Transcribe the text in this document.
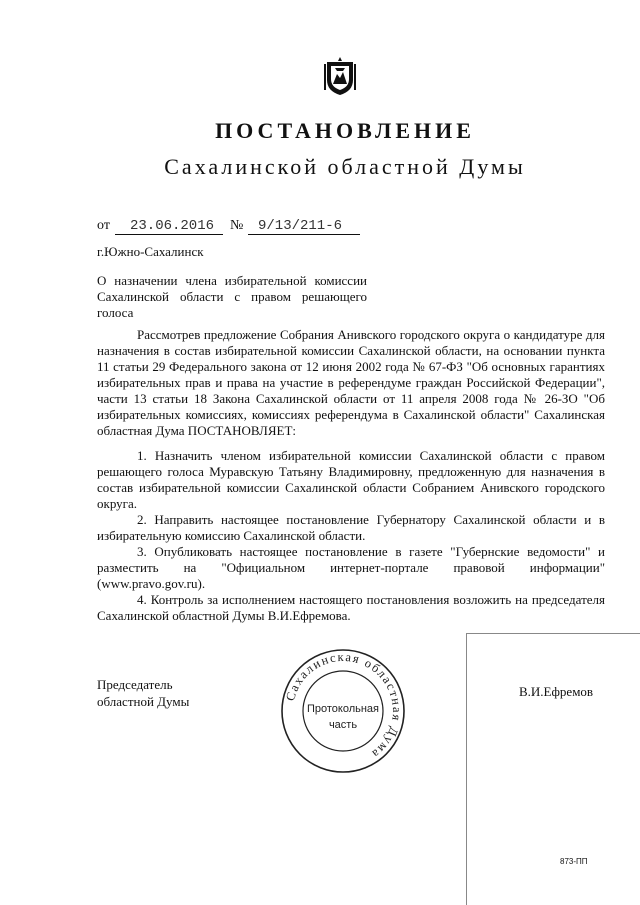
ПОСТАНОВЛЕНИЕ
Сахалинской областной Думы
от 23.06.2016 № 9/13/211-6
г.Южно-Сахалинск
О назначении члена избирательной комиссии Сахалинской области с правом решающего голоса
Рассмотрев предложение Собрания Анивского городского округа о кандидатуре для назначения в состав избирательной комиссии Сахалинской области, на основании пункта 11 статьи 29 Федерального закона от 12 июня 2002 года № 67-ФЗ "Об основных гарантиях избирательных прав и права на участие в референдуме граждан Российской Федерации", части 13 статьи 18 Закона Сахалинской области от 11 апреля 2008 года № 26-ЗО "Об избирательных комиссиях, комиссиях референдума в Сахалинской области" Сахалинская областная Дума ПОСТАНОВЛЯЕТ:
1. Назначить членом избирательной комиссии Сахалинской области с правом решающего голоса Муравскую Татьяну Владимировну, предложенную для назначения в состав избирательной комиссии Сахалинской области Собранием Анивского городского округа.
2. Направить настоящее постановление Губернатору Сахалинской области и в избирательную комиссию Сахалинской области.
3. Опубликовать настоящее постановление в газете "Губернские ведомости" и разместить на "Официальном интернет-портале правовой информации" (www.pravo.gov.ru).
4. Контроль за исполнением настоящего постановления возложить на председателя Сахалинской областной Думы В.И.Ефремова.
Председатель
областной Думы
В.И.Ефремов
Сахалинская областная Дума
Протокольная
часть
873-ПП
